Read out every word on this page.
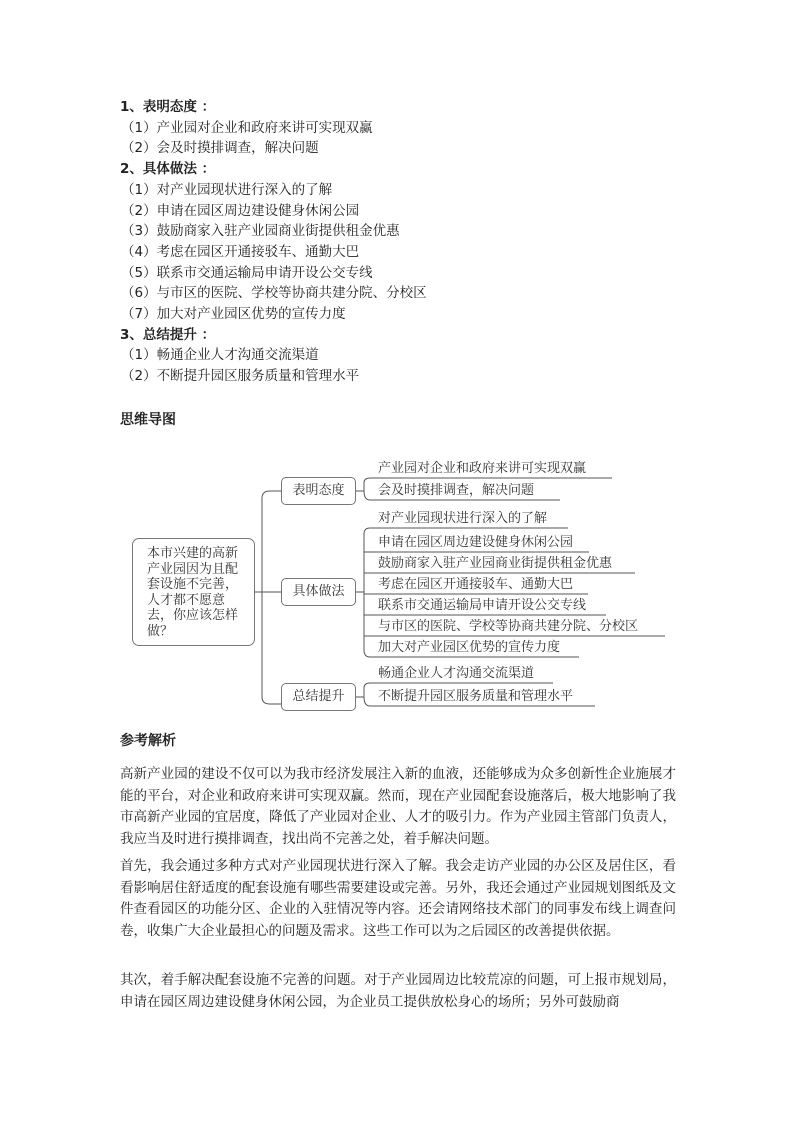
1、表明态度 ：
（1）产业园对企业和政府来讲可实现双赢
（2）会及时摸排调查，解决问题
2、具体做法 ：
（1）对产业园现状进行深入的了解
（2）申请在园区周边建设健身休闲公园
（3）鼓励商家入驻产业园商业街提供租金优惠
（4）考虑在园区开通接驳车、通勤大巴
（5）联系市交通运输局申请开设公交专线
（6）与市区的医院、学校等协商共建分院、分校区
（7）加大对产业园区优势的宣传力度
3、总结提升 ：
（1）畅通企业人才沟通交流渠道
（2）不断提升园区服务质量和管理水平
思维导图
本市兴建的高新产业园因为且配套设施不完善，人才都不愿意去，你应该怎样做？
表明态度
具体做法
总结提升
产业园对企业和政府来讲可实现双赢
会及时摸排调查，解决问题
对产业园现状进行深入的了解
申请在园区周边建设健身休闲公园
鼓励商家入驻产业园商业街提供租金优惠
考虑在园区开通接驳车、通勤大巴
联系市交通运输局申请开设公交专线
与市区的医院、学校等协商共建分院、分校区
加大对产业园区优势的宣传力度
畅通企业人才沟通交流渠道
不断提升园区服务质量和管理水平
参考解析
高新产业园的建设不仅可以为我市经济发展注入新的血液，还能够成为众多创新性企业施展才能的平台，对企业和政府来讲可实现双赢。然而，现在产业园配套设施落后，极大地影响了我市高新产业园的宜居度，降低了产业园对企业、人才的吸引力。作为产业园主管部门负责人，我应当及时进行摸排调查，找出尚不完善之处，着手解决问题。
首先，我会通过多种方式对产业园现状进行深入了解。我会走访产业园的办公区及居住区，看看影响居住舒适度的配套设施有哪些需要建设或完善。另外，我还会通过产业园规划图纸及文件查看园区的功能分区、企业的入驻情况等内容。还会请网络技术部门的同事发布线上调查问卷，收集广大企业最担心的问题及需求。这些工作可以为之后园区的改善提供依据。
其次，着手解决配套设施不完善的问题。对于产业园周边比较荒凉的问题，可上报市规划局，申请在园区周边建设健身休闲公园，为企业员工提供放松身心的场所；另外可鼓励商
